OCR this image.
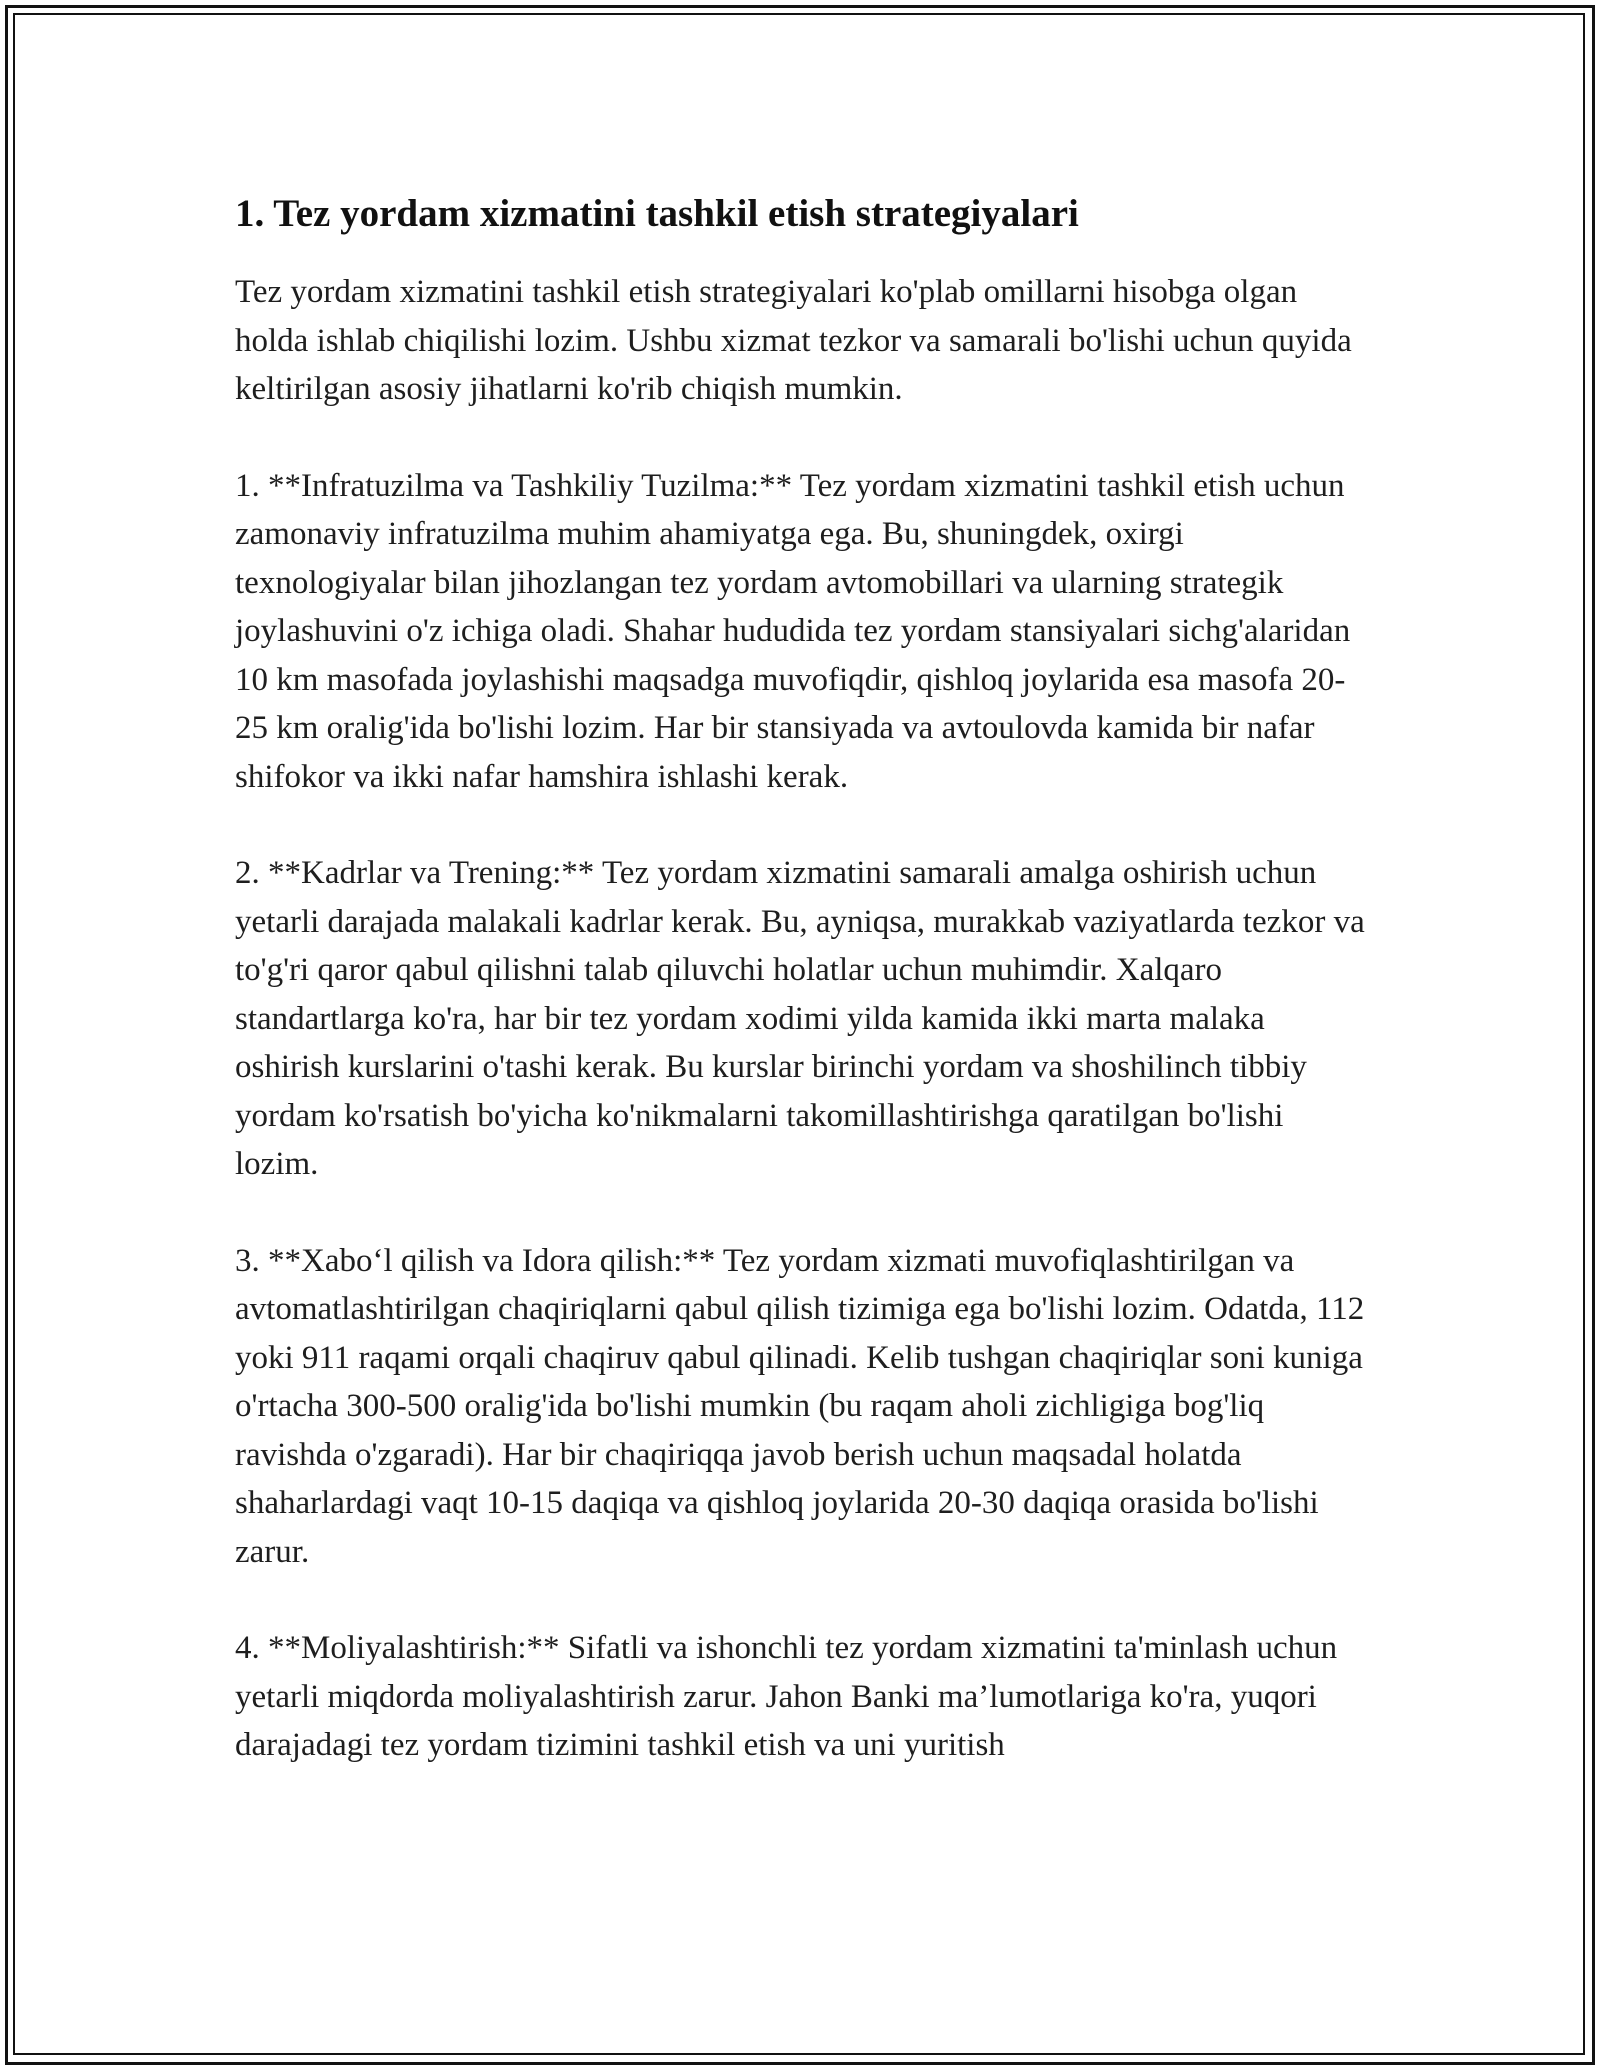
1. Tez yordam xizmatini tashkil etish strategiyalari

Tez yordam xizmatini tashkil etish strategiyalari ko'plab omillarni hisobga olgan holda ishlab chiqilishi lozim. Ushbu xizmat tezkor va samarali bo'lishi uchun quyida keltirilgan asosiy jihatlarni ko'rib chiqish mumkin.

1. **Infratuzilma va Tashkiliy Tuzilma:** Tez yordam xizmatini tashkil etish uchun zamonaviy infratuzilma muhim ahamiyatga ega. Bu, shuningdek, oxirgi texnologiyalar bilan jihozlangan tez yordam avtomobillari va ularning strategik joylashuvini o'z ichiga oladi. Shahar hududida tez yordam stansiyalari sichg'alaridan 10 km masofada joylashishi maqsadga muvofiqdir, qishloq joylarida esa masofa 20-25 km oralig'ida bo'lishi lozim. Har bir stansiyada va avtoulovda kamida bir nafar shifokor va ikki nafar hamshira ishlashi kerak.

2. **Kadrlar va Trening:** Tez yordam xizmatini samarali amalga oshirish uchun yetarli darajada malakali kadrlar kerak. Bu, ayniqsa, murakkab vaziyatlarda tezkor va to'g'ri qaror qabul qilishni talab qiluvchi holatlar uchun muhimdir. Xalqaro standartlarga ko'ra, har bir tez yordam xodimi yilda kamida ikki marta malaka oshirish kurslarini o'tashi kerak. Bu kurslar birinchi yordam va shoshilinch tibbiy yordam ko'rsatish bo'yicha ko'nikmalarni takomillashtirishga qaratilgan bo'lishi lozim.

3. **Xabo‘l qilish va Idora qilish:** Tez yordam xizmati muvofiqlashtirilgan va avtomatlashtirilgan chaqiriqlarni qabul qilish tizimiga ega bo'lishi lozim. Odatda, 112 yoki 911 raqami orqali chaqiruv qabul qilinadi. Kelib tushgan chaqiriqlar soni kuniga o'rtacha 300-500 oralig'ida bo'lishi mumkin (bu raqam aholi zichligiga bog'liq ravishda o'zgaradi). Har bir chaqiriqqa javob berish uchun maqsadal holatda shaharlardagi vaqt 10-15 daqiqa va qishloq joylarida 20-30 daqiqa orasida bo'lishi zarur.

4. **Moliyalashtirish:** Sifatli va ishonchli tez yordam xizmatini ta'minlash uchun yetarli miqdorda moliyalashtirish zarur. Jahon Banki ma’lumotlariga ko'ra, yuqori darajadagi tez yordam tizimini tashkil etish va uni yuritish
